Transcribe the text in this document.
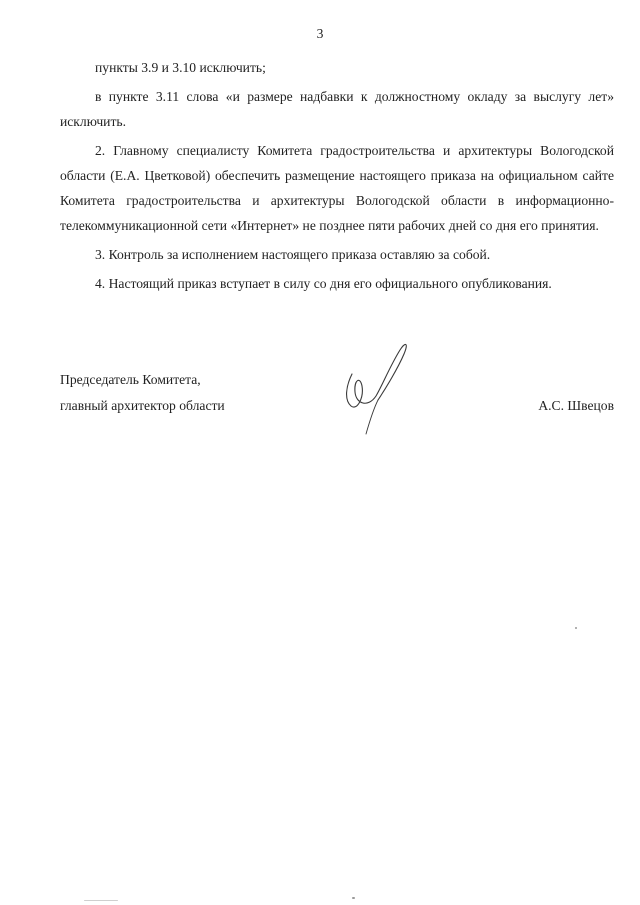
3

пункты 3.9 и 3.10 исключить;

в пункте 3.11 слова «и размере надбавки к должностному окладу за выслугу лет» исключить.

2. Главному специалисту Комитета градостроительства и архитектуры Вологодской области (Е.А. Цветковой) обеспечить размещение настоящего приказа на официальном сайте Комитета градостроительства и архитектуры Вологодской области в информационно-телекоммуникационной сети «Интернет» не позднее пяти рабочих дней со дня его принятия.

3. Контроль за исполнением настоящего приказа оставляю за собой.

4. Настоящий приказ вступает в силу со дня его официального опубликования.

Председатель Комитета,
главный архитектор области	А.С. Швецов
